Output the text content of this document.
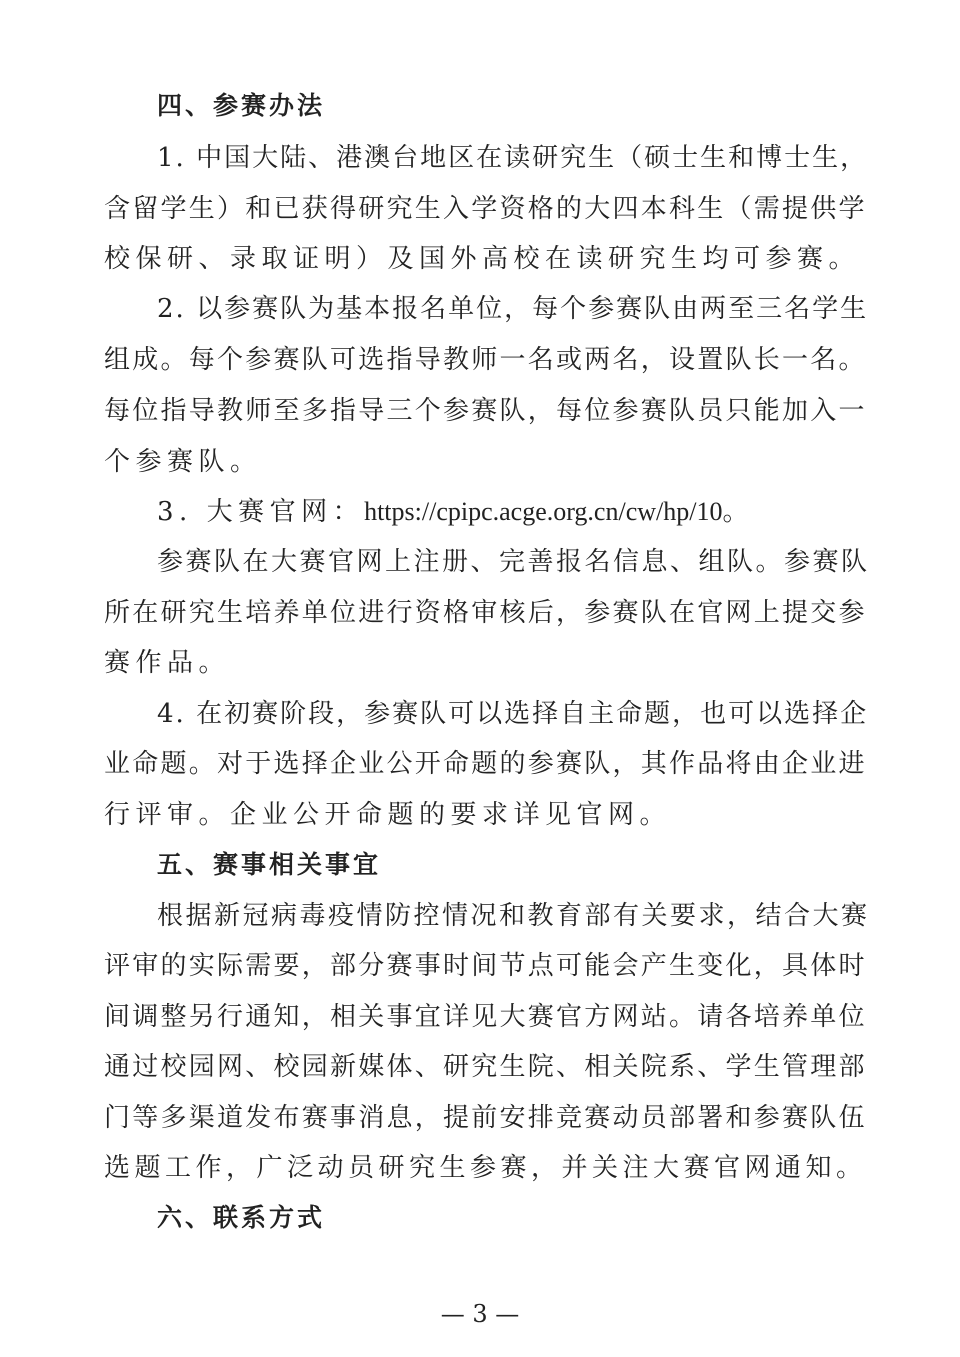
四、参赛办法

1. 中国大陆、港澳台地区在读研究生（硕士生和博士生，

含留学生）和已获得研究生入学资格的大四本科生（需提供学

校保研、录取证明）及国外高校在读研究生均可参赛。

2. 以参赛队为基本报名单位，每个参赛队由两至三名学生

组成。每个参赛队可选指导教师一名或两名，设置队长一名。

每位指导教师至多指导三个参赛队，每位参赛队员只能加入一

个参赛队。

3. 大赛官网：https://cpipc.acge.org.cn/cw/hp/10。

参赛队在大赛官网上注册、完善报名信息、组队。参赛队

所在研究生培养单位进行资格审核后，参赛队在官网上提交参

赛作品。

4. 在初赛阶段，参赛队可以选择自主命题，也可以选择企

业命题。对于选择企业公开命题的参赛队，其作品将由企业进

行评审。企业公开命题的要求详见官网。

五、赛事相关事宜

根据新冠病毒疫情防控情况和教育部有关要求，结合大赛

评审的实际需要，部分赛事时间节点可能会产生变化，具体时

间调整另行通知，相关事宜详见大赛官方网站。请各培养单位

通过校园网、校园新媒体、研究生院、相关院系、学生管理部

门等多渠道发布赛事消息，提前安排竞赛动员部署和参赛队伍

选题工作，广泛动员研究生参赛，并关注大赛官网通知。

六、联系方式

— 3 —
